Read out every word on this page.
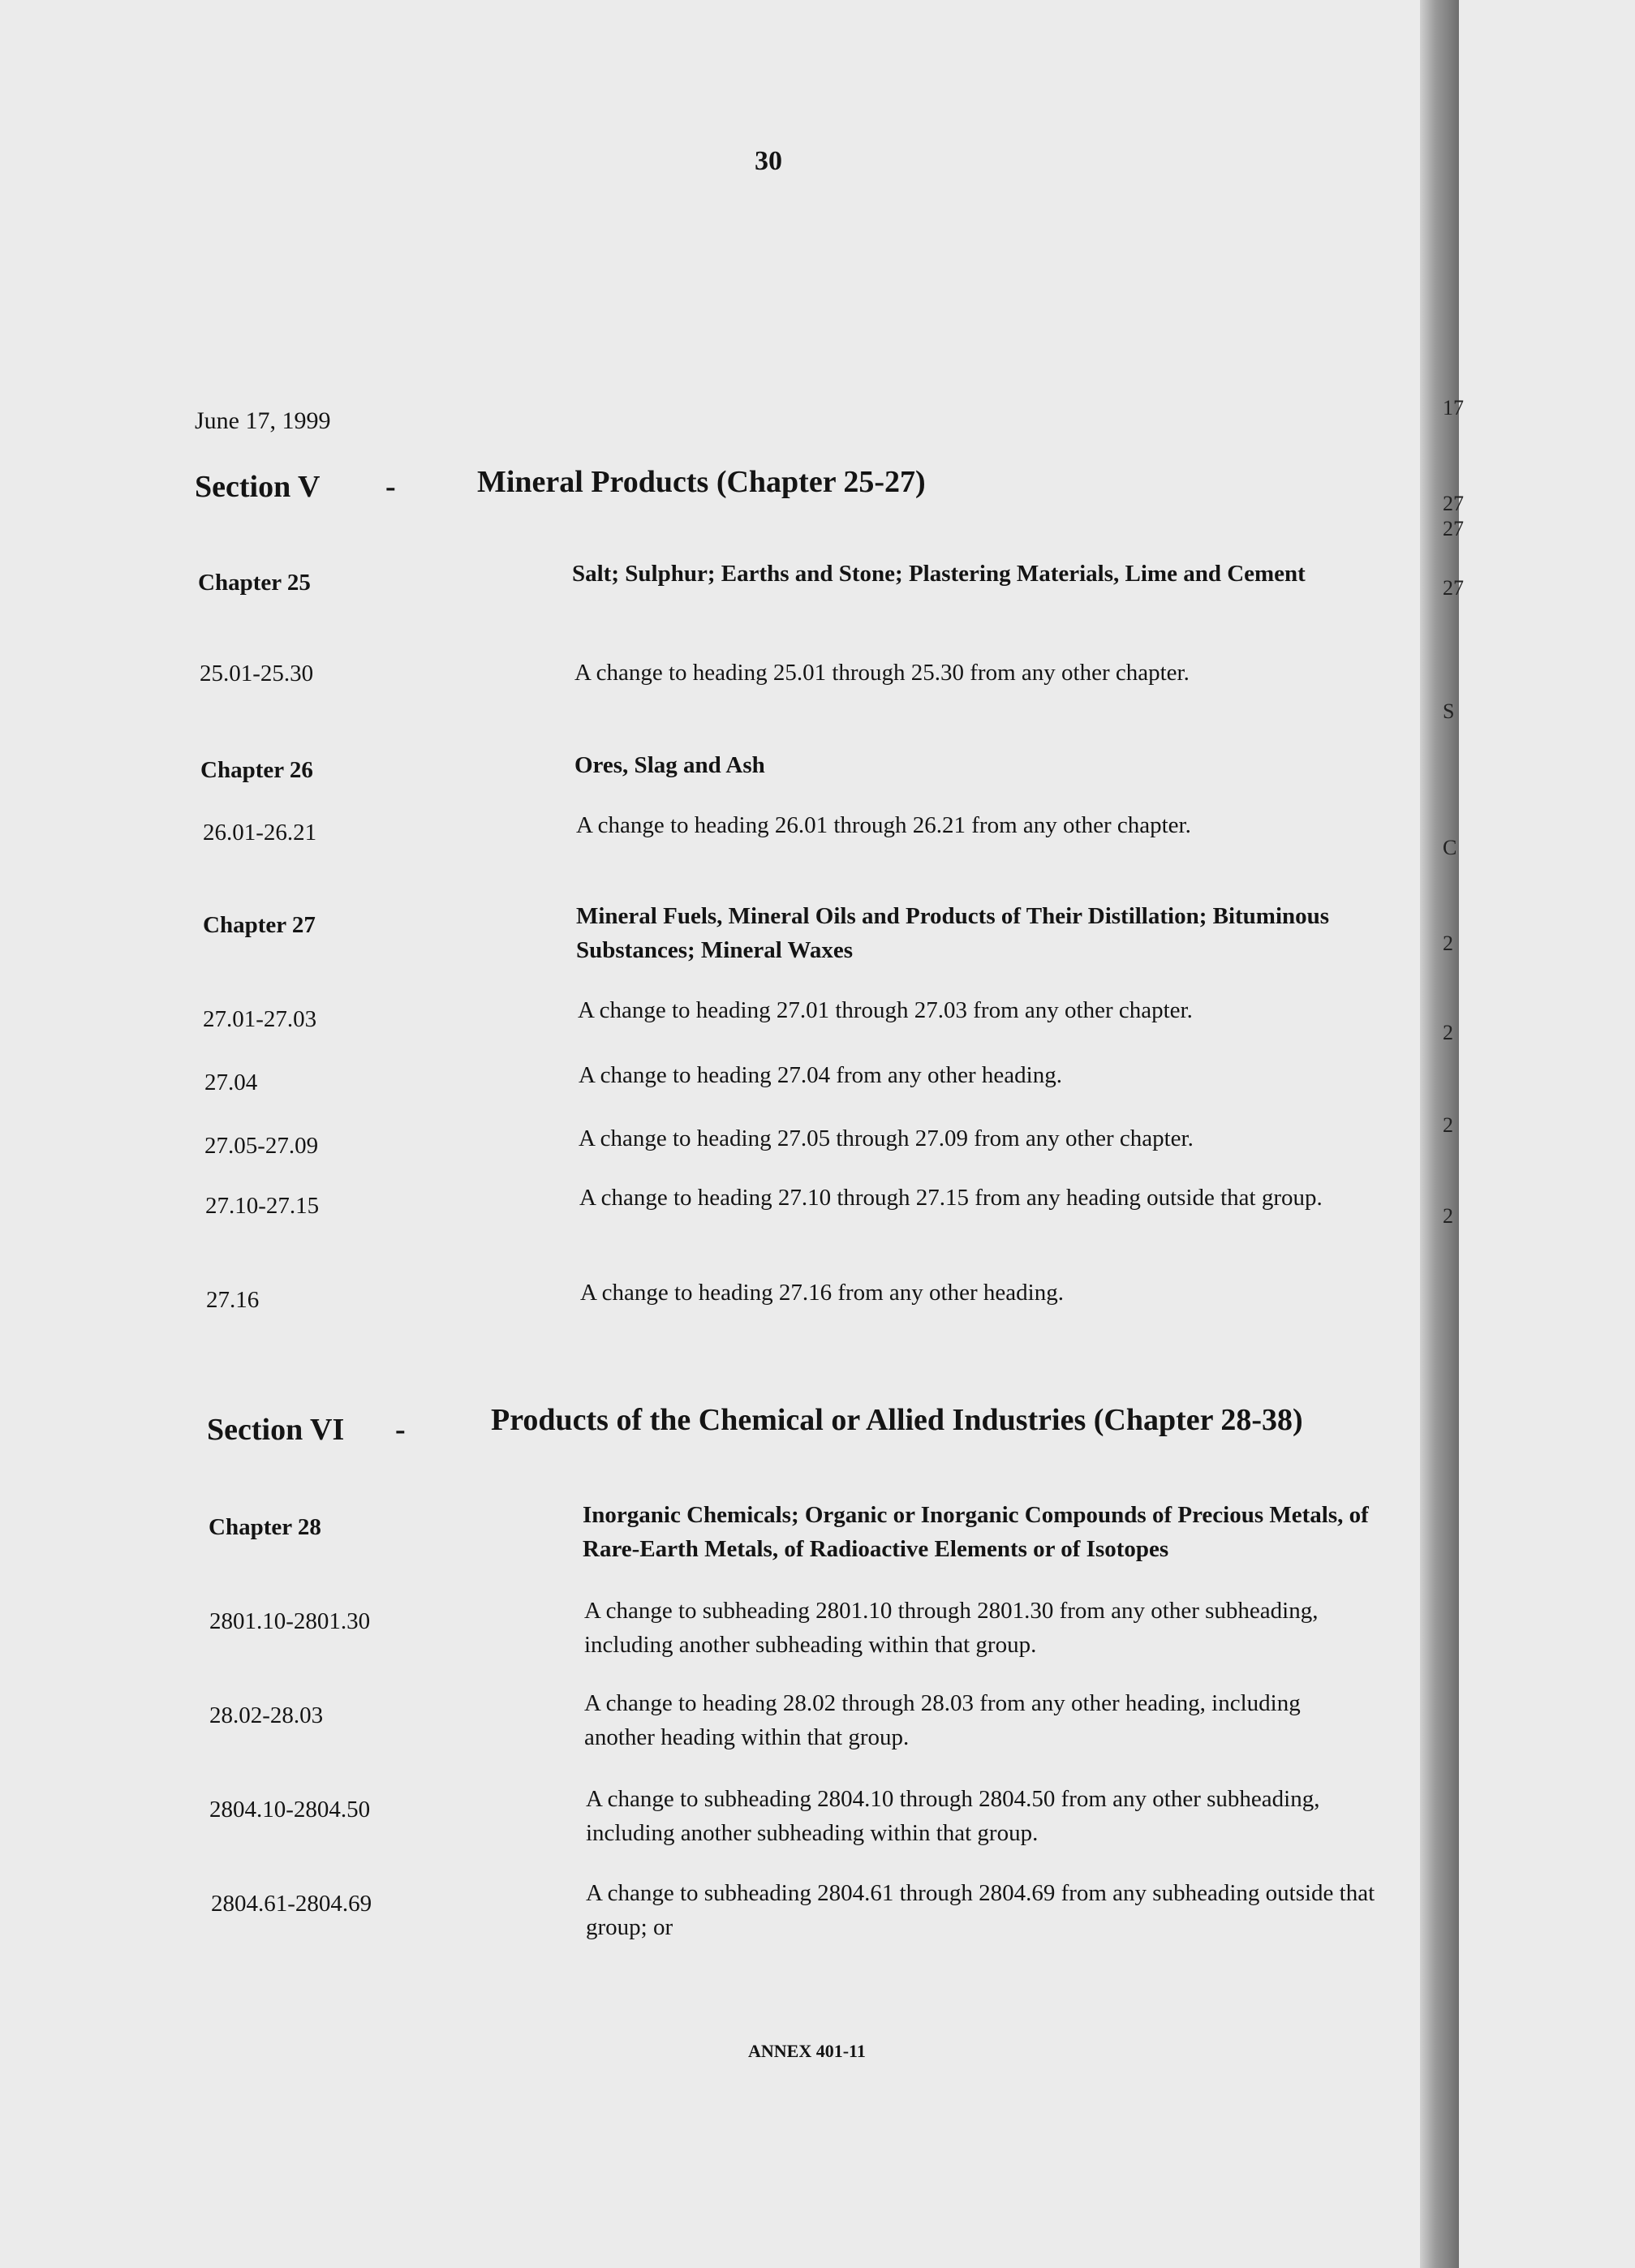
17
27
27
27
S
C
2
2
2
2
30
June 17, 1999
Section V -	Mineral Products (Chapter 25-27)
Chapter 25	Salt; Sulphur; Earths and Stone; Plastering Materials, Lime and Cement
25.01-25.30	A change to heading 25.01 through 25.30 from any other chapter.
Chapter 26	Ores, Slag and Ash
26.01-26.21	A change to heading 26.01 through 26.21 from any other chapter.
Chapter 27	Mineral Fuels, Mineral Oils and Products of Their Distillation; Bituminous Substances; Mineral Waxes
27.01-27.03	A change to heading 27.01 through 27.03 from any other chapter.
27.04	A change to heading 27.04 from any other heading.
27.05-27.09	A change to heading 27.05 through 27.09 from any other chapter.
27.10-27.15	A change to heading 27.10 through 27.15 from any heading outside that group.
27.16	A change to heading 27.16 from any other heading.
Section VI -	Products of the Chemical or Allied Industries (Chapter 28-38)
Chapter 28	Inorganic Chemicals; Organic or Inorganic Compounds of Precious Metals, of Rare-Earth Metals, of Radioactive Elements or of Isotopes
2801.10-2801.30	A change to subheading 2801.10 through 2801.30 from any other subheading, including another subheading within that group.
28.02-28.03	A change to heading 28.02 through 28.03 from any other heading, including another heading within that group.
2804.10-2804.50	A change to subheading 2804.10 through 2804.50 from any other subheading, including another subheading within that group.
2804.61-2804.69	A change to subheading 2804.61 through 2804.69 from any subheading outside that group; or
ANNEX 401-11
